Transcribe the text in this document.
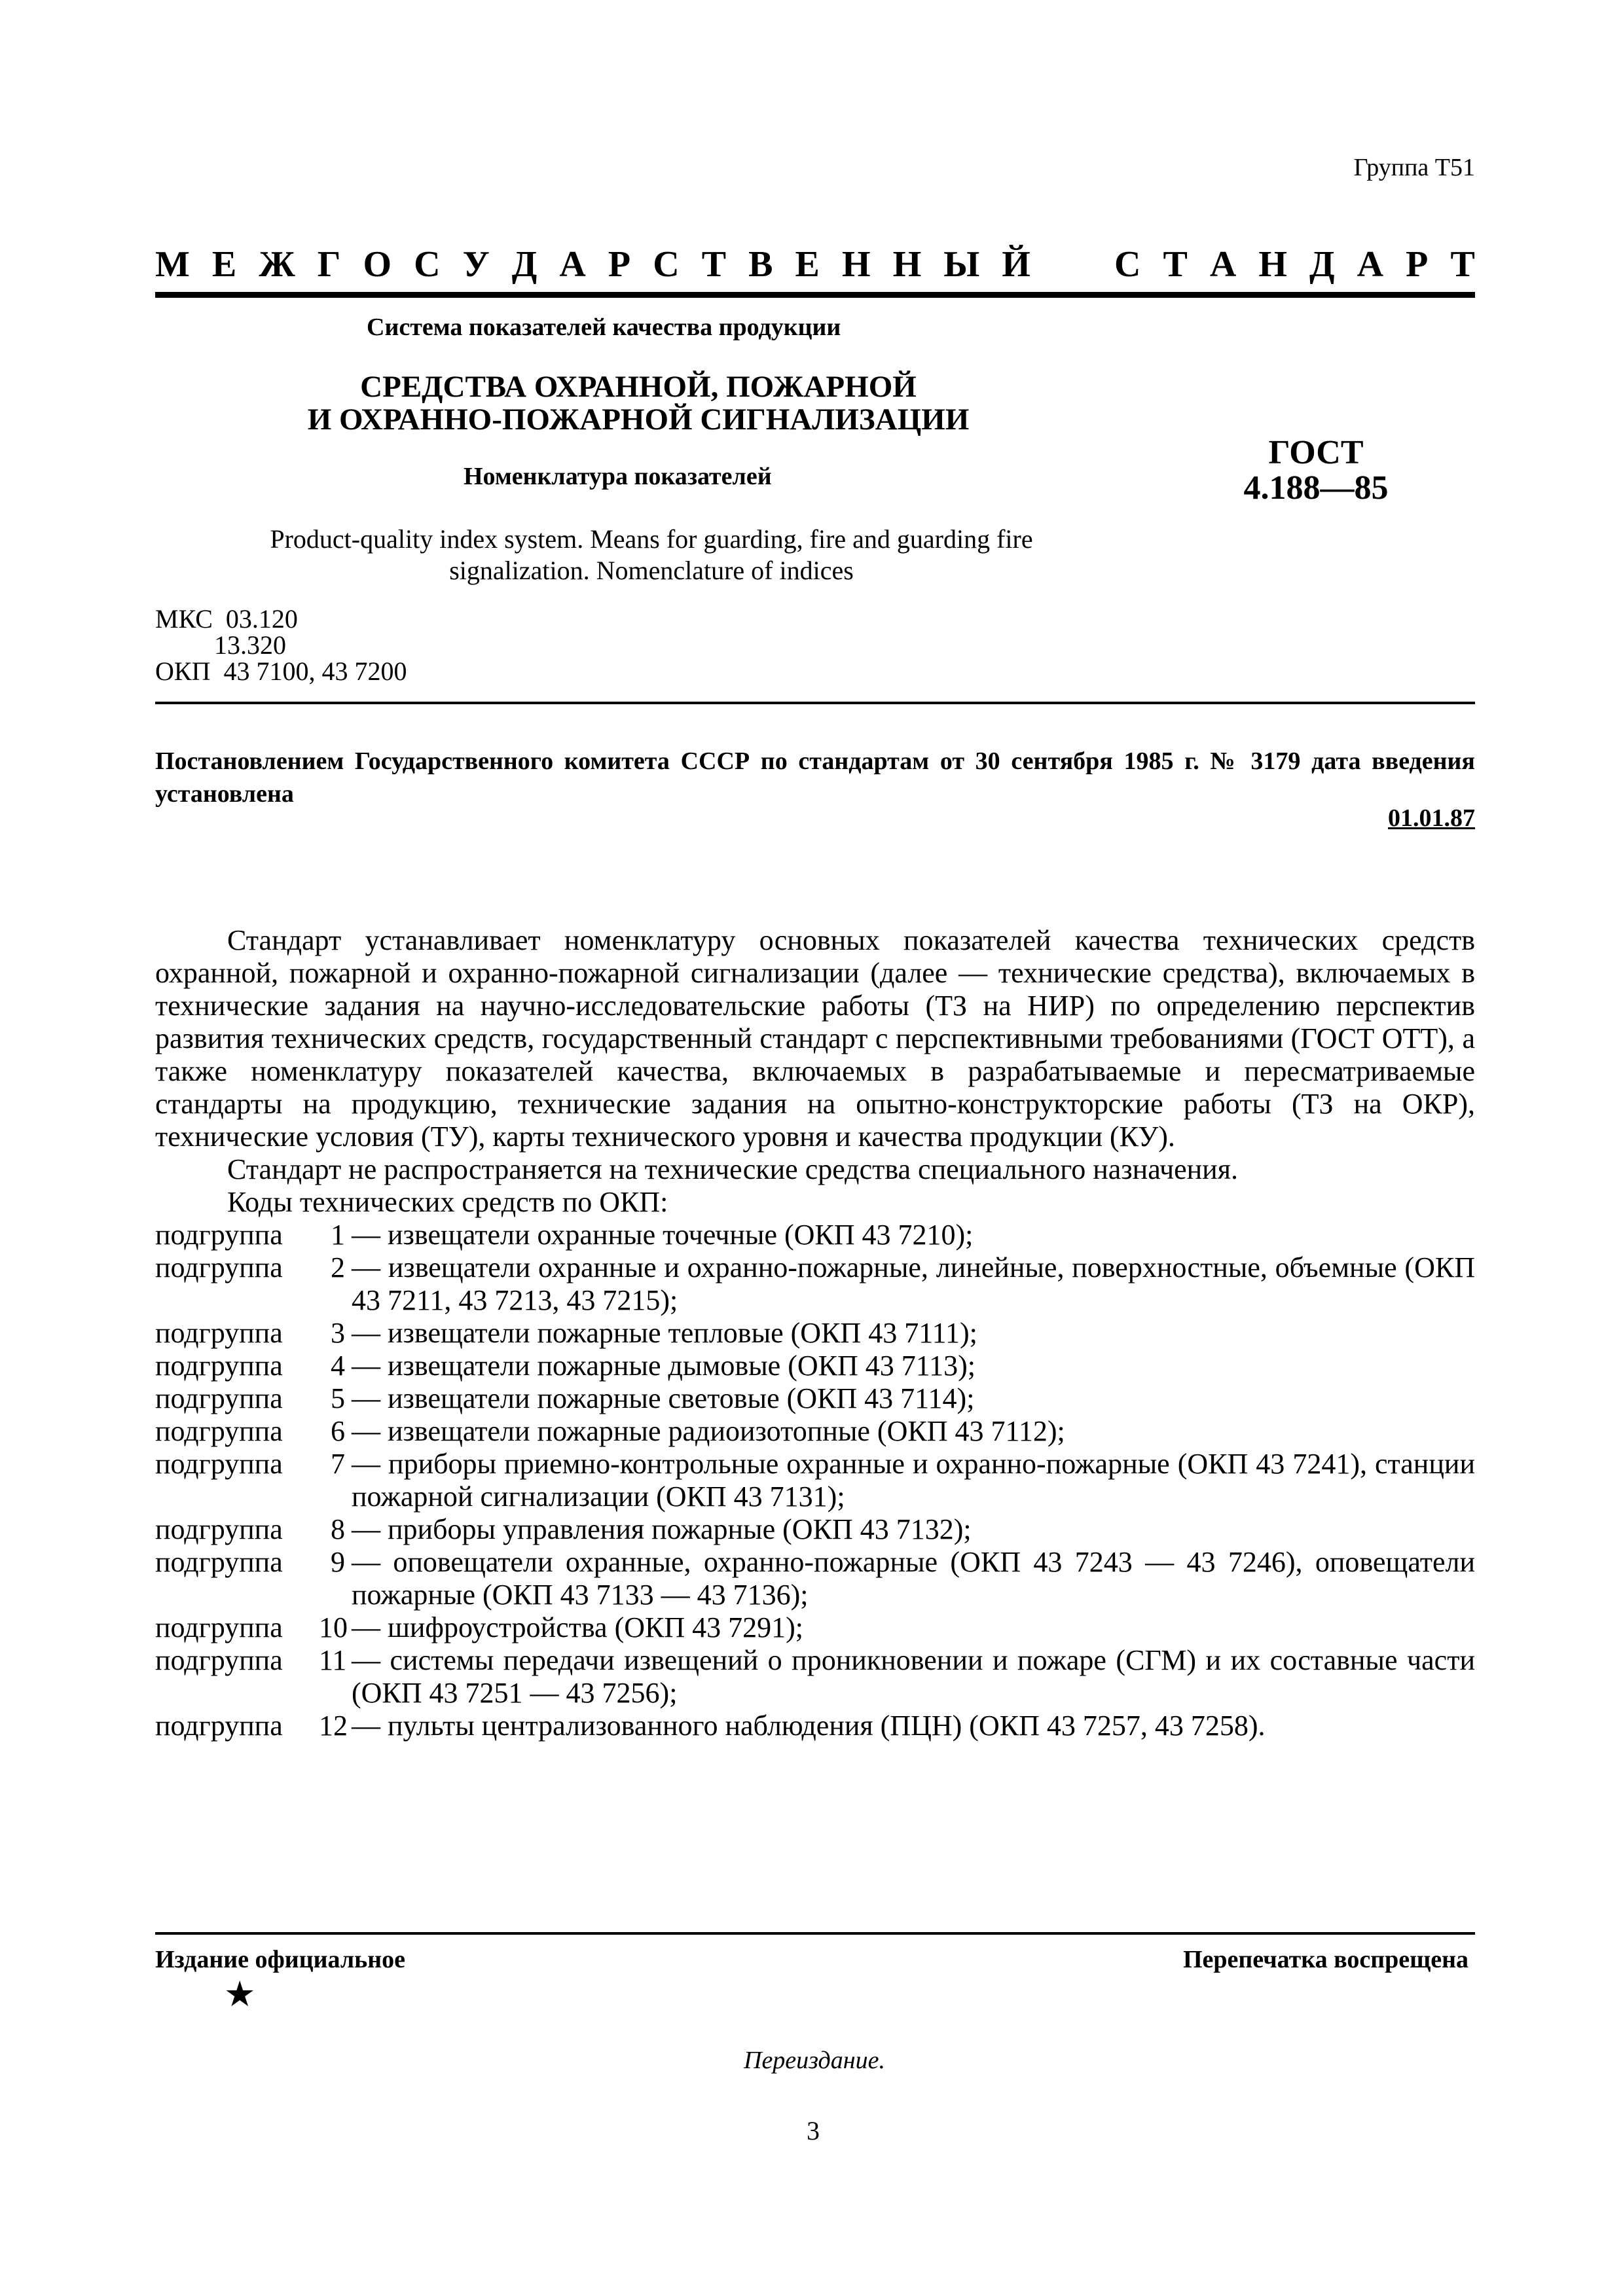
Группа Т51
М Е Ж Г О С У Д А Р С Т В Е Н Н Ы Й С Т А Н Д А Р Т
Система показателей качества продукции
СРЕДСТВА ОХРАННОЙ, ПОЖАРНОЙ
И ОХРАННО-ПОЖАРНОЙ СИГНАЛИЗАЦИИ
Номенклатура показателей
ГОСТ
4.188—85
Product-quality index system. Means for guarding, fire and guarding fire
signalization. Nomenclature of indices
МКС  03.120
13.320
ОКП  43 7100, 43 7200
Постановлением Государственного комитета СССР по стандартам от 30 сентября 1985 г. № 3179 дата введения установлена
01.01.87

Стандарт устанавливает номенклатуру основных показателей качества технических средств охранной, пожарной и охранно-пожарной сигнализации (далее — технические средства), включаемых в технические задания на научно-исследовательские работы (ТЗ на НИР) по определению перспектив развития технических средств, государственный стандарт с перспективными требованиями (ГОСТ ОТТ), а также номенклатуру показателей качества, включаемых в разрабатываемые и пересматриваемые стандарты на продукцию, технические задания на опытно-конструкторские работы (ТЗ на ОКР), технические условия (ТУ), карты технического уровня и качества продукции (КУ).

Стандарт не распространяется на технические средства специального назначения.

Коды технических средств по ОКП:

подгруппа	1 — извещатели охранные точечные (ОКП 43 7210);
подгруппа	2 — извещатели охранные и охранно-пожарные, линейные, поверхностные, объемные (ОКП 43 7211, 43 7213, 43 7215);
подгруппа	3 — извещатели пожарные тепловые (ОКП 43 7111);
подгруппа	4 — извещатели пожарные дымовые (ОКП 43 7113);
подгруппа	5 — извещатели пожарные световые (ОКП 43 7114);
подгруппа	6 — извещатели пожарные радиоизотопные (ОКП 43 7112);
подгруппа	7 — приборы приемно-контрольные охранные и охранно-пожарные (ОКП 43 7241), станции пожарной сигнализации (ОКП 43 7131);
подгруппа	8 — приборы управления пожарные (ОКП 43 7132);
подгруппа	9 — оповещатели охранные, охранно-пожарные (ОКП 43 7243 — 43 7246), оповещатели пожарные (ОКП 43 7133 — 43 7136);
подгруппа	10 — шифроустройства (ОКП 43 7291);
подгруппа	11 — системы передачи извещений о проникновении и пожаре (СГМ) и их составные части (ОКП 43 7251 — 43 7256);
подгруппа	12 — пульты централизованного наблюдения (ПЦН) (ОКП 43 7257, 43 7258).
Издание официальное	Перепечатка воспрещена
★
Переиздание.
3
